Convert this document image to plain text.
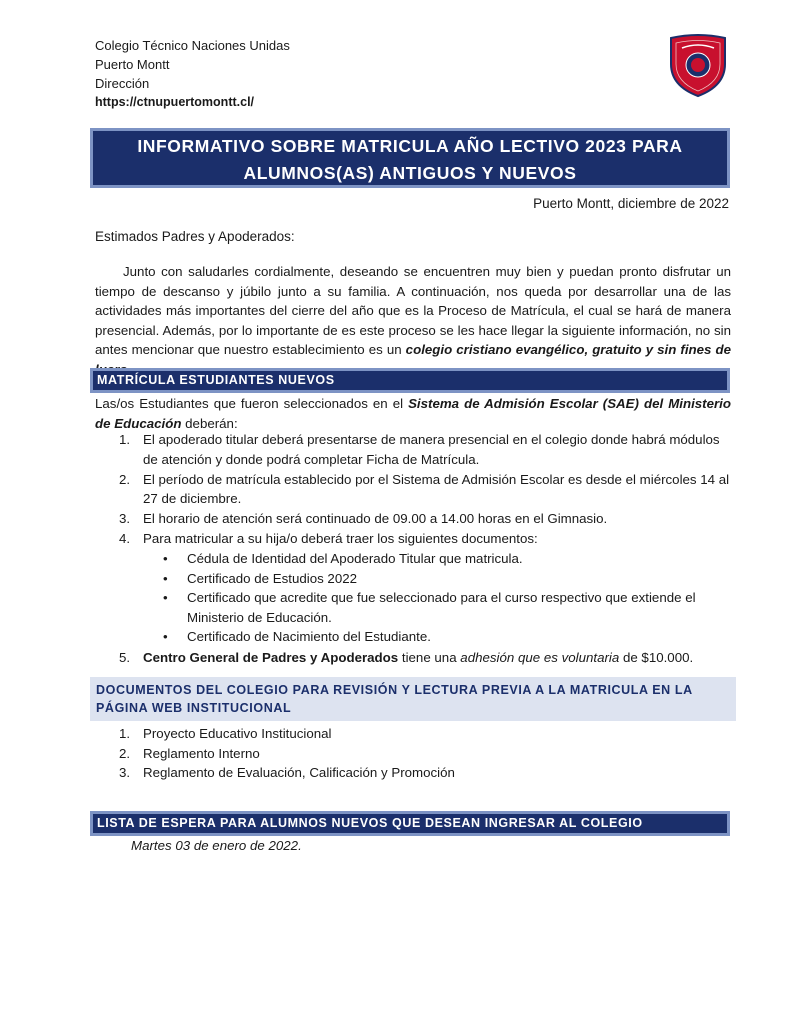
Colegio Técnico Naciones Unidas
Puerto Montt
Dirección
https://ctnupuertomontt.cl/
INFORMATIVO SOBRE MATRICULA AÑO LECTIVO 2023 PARA
ALUMNOS(AS) ANTIGUOS Y NUEVOS
Puerto Montt, diciembre de 2022
Estimados Padres y Apoderados:
Junto con saludarles cordialmente, deseando se encuentren muy bien y puedan pronto disfrutar un tiempo de descanso y júbilo junto a su familia. A continuación, nos queda por desarrollar una de las actividades más importantes del cierre del año que es la Proceso de Matrícula, el cual se hará de manera presencial. Además, por lo importante de es este proceso se les hace llegar la siguiente información, no sin antes mencionar que nuestro establecimiento es un colegio cristiano evangélico, gratuito y sin fines de
MATRÍCULA ESTUDIANTES NUEVOS
Las/os Estudiantes que fueron seleccionados en el Sistema de Admisión Escolar (SAE) del Ministerio de Educación deberán:
1. El apoderado titular deberá presentarse de manera presencial en el colegio donde habrá módulos de atención y donde podrá completar Ficha de Matrícula.
2. El período de matrícula establecido por el Sistema de Admisión Escolar es desde el miércoles 14 al 27 de diciembre.
3. El horario de atención será continuado de 09.00 a 14.00 horas en el Gimnasio.
4. Para matricular a su hija/o deberá traer los siguientes documentos:
• Cédula de Identidad del Apoderado Titular que matricula.
• Certificado de Estudios 2022
• Certificado que acredite que fue seleccionado para el curso respectivo que extiende el Ministerio de Educación.
• Certificado de Nacimiento del Estudiante.
5. Centro General de Padres y Apoderados tiene una adhesión que es voluntaria de $10.000.
DOCUMENTOS DEL COLEGIO PARA REVISIÓN Y LECTURA PREVIA A LA MATRICULA EN LA PÁGINA WEB INSTITUCIONAL
1. Proyecto Educativo Institucional
2. Reglamento Interno
3. Reglamento de Evaluación, Calificación y Promoción
LISTA DE ESPERA PARA ALUMNOS NUEVOS QUE DESEAN INGRESAR AL COLEGIO
Martes 03 de enero de 2022.
